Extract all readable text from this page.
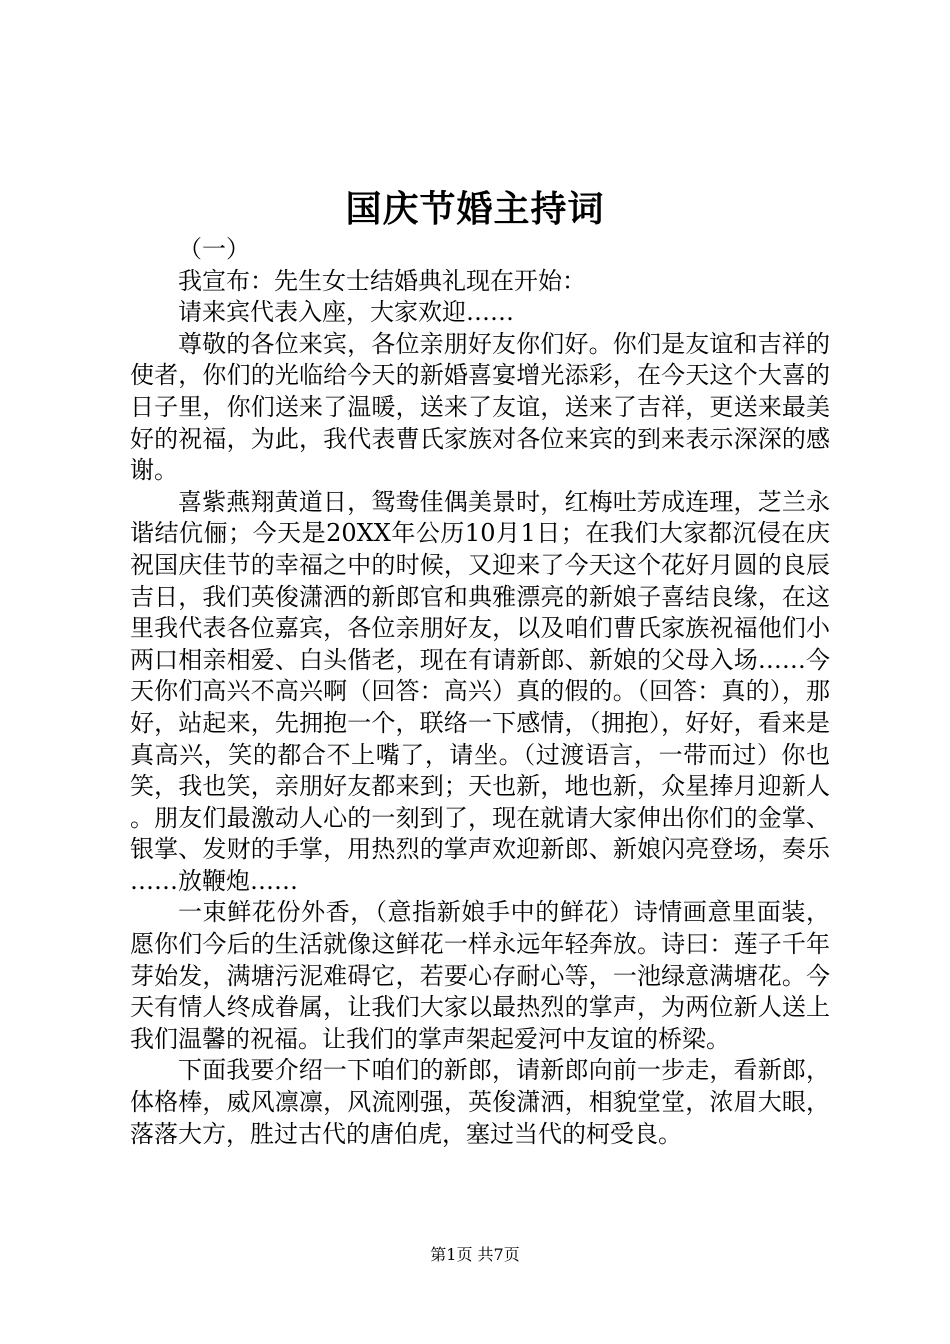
国庆节婚主持词

（一）

我宣布：先生女士结婚典礼现在开始：

请来宾代表入座，大家欢迎……

尊敬的各位来宾，各位亲朋好友你们好。你们是友谊和吉祥的使者，你们的光临给今天的新婚喜宴增光添彩，在今天这个大喜的日子里，你们送来了温暖，送来了友谊，送来了吉祥，更送来最美好的祝福，为此，我代表曹氏家族对各位来宾的到来表示深深的感谢。

喜紫燕翔黄道日，鸳鸯佳偶美景时，红梅吐芳成连理，芝兰永谐结伉俪；今天是20XX年公历10月1日；在我们大家都沉侵在庆祝国庆佳节的幸福之中的时候，又迎来了今天这个花好月圆的良辰吉日，我们英俊潇洒的新郎官和典雅漂亮的新娘子喜结良缘，在这里我代表各位嘉宾，各位亲朋好友，以及咱们曹氏家族祝福他们小两口相亲相爱、白头偕老，现在有请新郎、新娘的父母入场……今天你们高兴不高兴啊（回答：高兴）真的假的。（回答：真的），那好，站起来，先拥抱一个，联络一下感情，（拥抱），好好，看来是真高兴，笑的都合不上嘴了，请坐。（过渡语言，一带而过）你也笑，我也笑，亲朋好友都来到；天也新，地也新，众星捧月迎新人。朋友们最激动人心的一刻到了，现在就请大家伸出你们的金掌、银掌、发财的手掌，用热烈的掌声欢迎新郎、新娘闪亮登场，奏乐……放鞭炮……

一束鲜花份外香，（意指新娘手中的鲜花）诗情画意里面装，愿你们今后的生活就像这鲜花一样永远年轻奔放。诗曰：莲子千年芽始发，满塘污泥难碍它，若要心存耐心等，一池绿意满塘花。今天有情人终成眷属，让我们大家以最热烈的掌声，为两位新人送上我们温馨的祝福。让我们的掌声架起爱河中友谊的桥梁。

下面我要介绍一下咱们的新郎，请新郎向前一步走，看新郎，体格棒，威风凛凛，风流刚强，英俊潇洒，相貌堂堂，浓眉大眼，落落大方，胜过古代的唐伯虎，塞过当代的柯受良。

第1页 共7页
